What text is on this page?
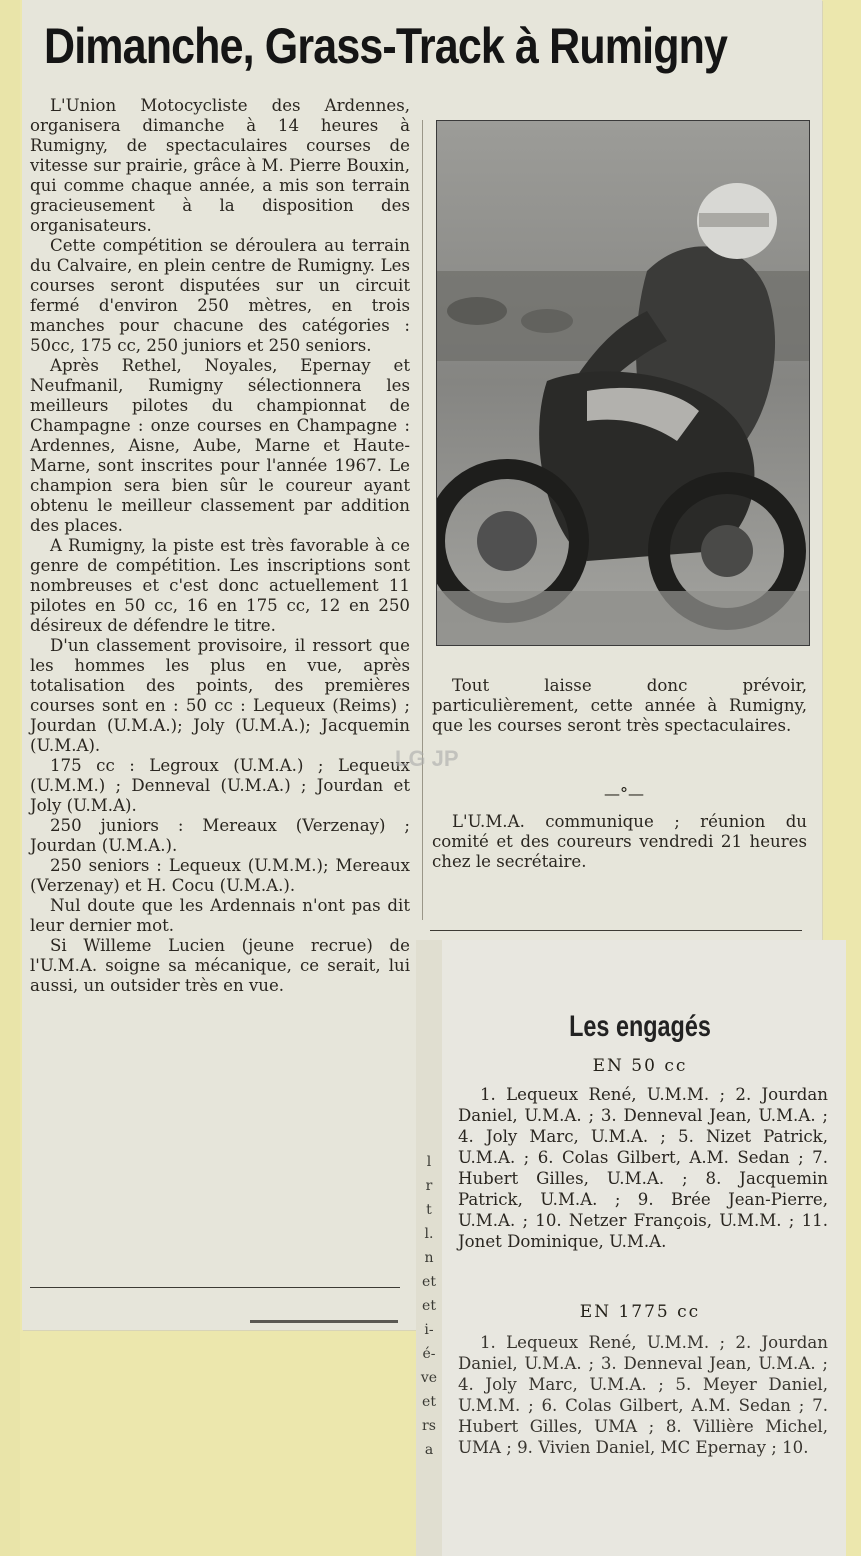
Dimanche, Grass-Track à Rumigny

L'Union Motocycliste des Ardennes, organisera dimanche à 14 heures à Rumigny, de spectaculaires courses de vitesse sur prairie, grâce à M. Pierre Bouxin, qui comme chaque année, a mis son terrain gracieusement à la disposition des organisateurs.

Cette compétition se déroulera au terrain du Calvaire, en plein centre de Rumigny. Les courses seront disputées sur un circuit fermé d'environ 250 mètres, en trois manches pour chacune des catégories : 50cc, 175 cc, 250 juniors et 250 seniors.

Après Rethel, Noyales, Epernay et Neufmanil, Rumigny sélectionnera les meilleurs pilotes du championnat de Champagne : onze courses en Champagne : Ardennes, Aisne, Aube, Marne et Haute-Marne, sont inscrites pour l'année 1967. Le champion sera bien sûr le coureur ayant obtenu le meilleur classement par addition des places.

A Rumigny, la piste est très favorable à ce genre de compétition. Les inscriptions sont nombreuses et c'est donc actuellement 11 pilotes en 50 cc, 16 en 175 cc, 12 en 250 désireux de défendre le titre.

D'un classement provisoire, il ressort que les hommes les plus en vue, après totalisation des points, des premières courses sont en : 50 cc : Lequeux (Reims) ; Jourdan (U.M.A.); Joly (U.M.A.); Jacquemin (U.M.A).

175 cc : Legroux (U.M.A.) ; Lequeux (U.M.M.) ; Denneval (U.M.A.) ; Jourdan et Joly (U.M.A).

250 juniors : Mereaux (Verzenay) ; Jourdan (U.M.A.).

250 seniors : Lequeux (U.M.M.); Mereaux (Verzenay) et H. Cocu (U.M.A.).

Nul doute que les Ardennais n'ont pas dit leur dernier mot.

Si Willeme Lucien (jeune recrue) de l'U.M.A. soigne sa mécanique, ce serait, lui aussi, un outsider très en vue.

Tout laisse donc prévoir, particulièrement, cette année à Rumigny, que les courses seront très spectaculaires.

—°—

L'U.M.A. communique ; réunion du comité et des coureurs vendredi 21 heures chez le secrétaire.

LG JP
Les engagés
EN 50 cc

1. Lequeux René, U.M.M. ; 2. Jourdan Daniel, U.M.A. ; 3. Denneval Jean, U.M.A. ; 4. Joly Marc, U.M.A. ; 5. Nizet Patrick, U.M.A. ; 6. Colas Gilbert, A.M. Sedan ; 7. Hubert Gilles, U.M.A. ; 8. Jacquemin Patrick, U.M.A. ; 9. Brée Jean-Pierre, U.M.A. ; 10. Netzer François, U.M.M. ; 11. Jonet Dominique, U.M.A.

EN 1775 cc

1. Lequeux René, U.M.M. ; 2. Jourdan Daniel, U.M.A. ; 3. Denneval Jean, U.M.A. ; 4. Joly Marc, U.M.A. ; 5. Meyer Daniel, U.M.M. ; 6. Colas Gilbert, A.M. Sedan ; 7. Hubert Gilles, UMA ; 8. Villière Michel, UMA ; 9. Vivien Daniel, MC Epernay ; 10.

l
r
t
l.
n
et
et
i-
é-
ve
et
rs
a
